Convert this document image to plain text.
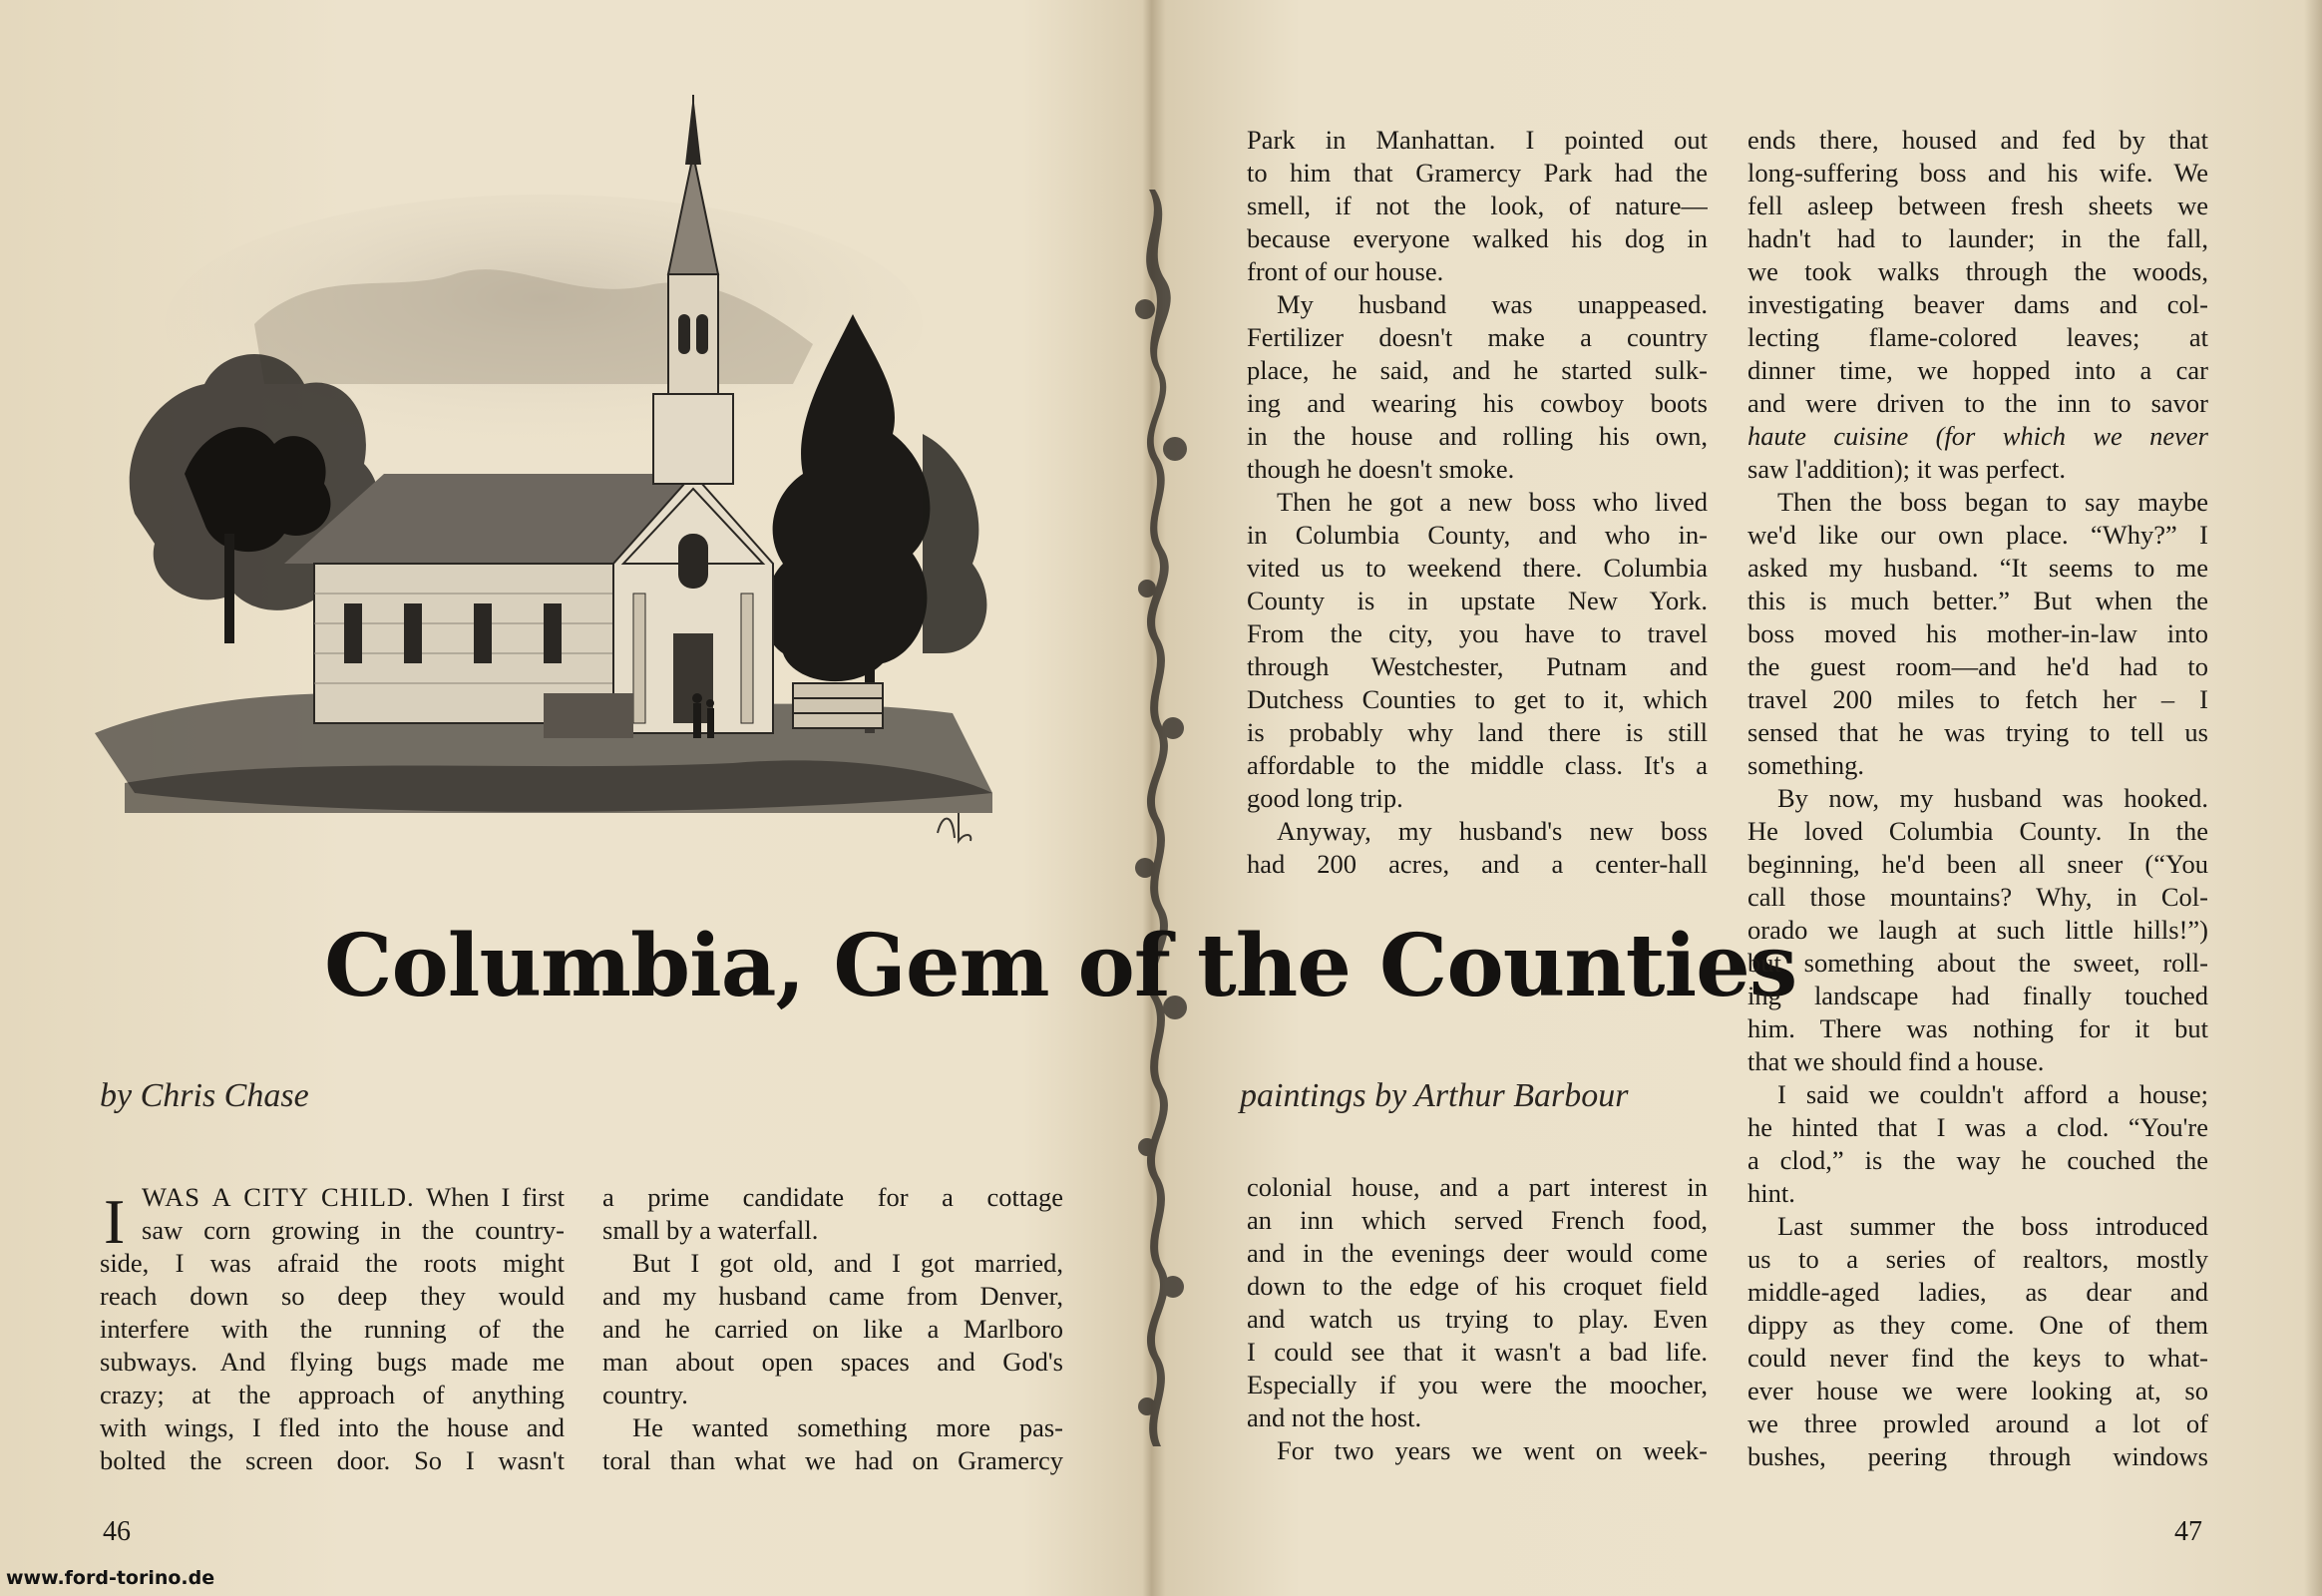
Columbia, Gem of the Counties
by Chris Chase	paintings by Arthur Barbour
I WAS A CITY CHILD. When I first
saw corn growing in the country-
side, I was afraid the roots might
reach down so deep they would
interfere with the running of the
subways. And flying bugs made me
crazy; at the approach of anything
with wings, I fled into the house and
bolted the screen door. So I wasn't
a prime candidate for a cottage
small by a waterfall.
But I got old, and I got married,
and my husband came from Denver,
and he carried on like a Marlboro
man about open spaces and God's
country.
He wanted something more pas-
toral than what we had on Gramercy
Park in Manhattan. I pointed out
to him that Gramercy Park had the
smell, if not the look, of nature—
because everyone walked his dog in
front of our house.
My husband was unappeased.
Fertilizer doesn't make a country
place, he said, and he started sulk-
ing and wearing his cowboy boots
in the house and rolling his own,
though he doesn't smoke.
Then he got a new boss who lived
in Columbia County, and who in-
vited us to weekend there. Columbia
County is in upstate New York.
From the city, you have to travel
through Westchester, Putnam and
Dutchess Counties to get to it, which
is probably why land there is still
affordable to the middle class. It's a
good long trip.
Anyway, my husband's new boss
had 200 acres, and a center-hall
colonial house, and a part interest in
an inn which served French food,
and in the evenings deer would come
down to the edge of his croquet field
and watch us trying to play. Even
I could see that it wasn't a bad life.
Especially if you were the moocher,
and not the host.
For two years we went on week-
ends there, housed and fed by that
long-suffering boss and his wife. We
fell asleep between fresh sheets we
hadn't had to launder; in the fall,
we took walks through the woods,
investigating beaver dams and col-
lecting flame-colored leaves; at
dinner time, we hopped into a car
and were driven to the inn to savor
haute cuisine (for which we never
saw l'addition); it was perfect.
Then the boss began to say maybe
we'd like our own place. “Why?” I
asked my husband. “It seems to me
this is much better.” But when the
boss moved his mother-in-law into
the guest room—and he'd had to
travel 200 miles to fetch her – I
sensed that he was trying to tell us
something.
By now, my husband was hooked.
He loved Columbia County. In the
beginning, he'd been all sneer (“You
call those mountains? Why, in Col-
orado we laugh at such little hills!”)
but something about the sweet, roll-
ing landscape had finally touched
him. There was nothing for it but
that we should find a house.
I said we couldn't afford a house;
he hinted that I was a clod. “You're
a clod,” is the way he couched the
hint.
Last summer the boss introduced
us to a series of realtors, mostly
middle-aged ladies, as dear and
dippy as they come. One of them
could never find the keys to what-
ever house we were looking at, so
we three prowled around a lot of
bushes, peering through windows
46	47
www.ford-torino.de
